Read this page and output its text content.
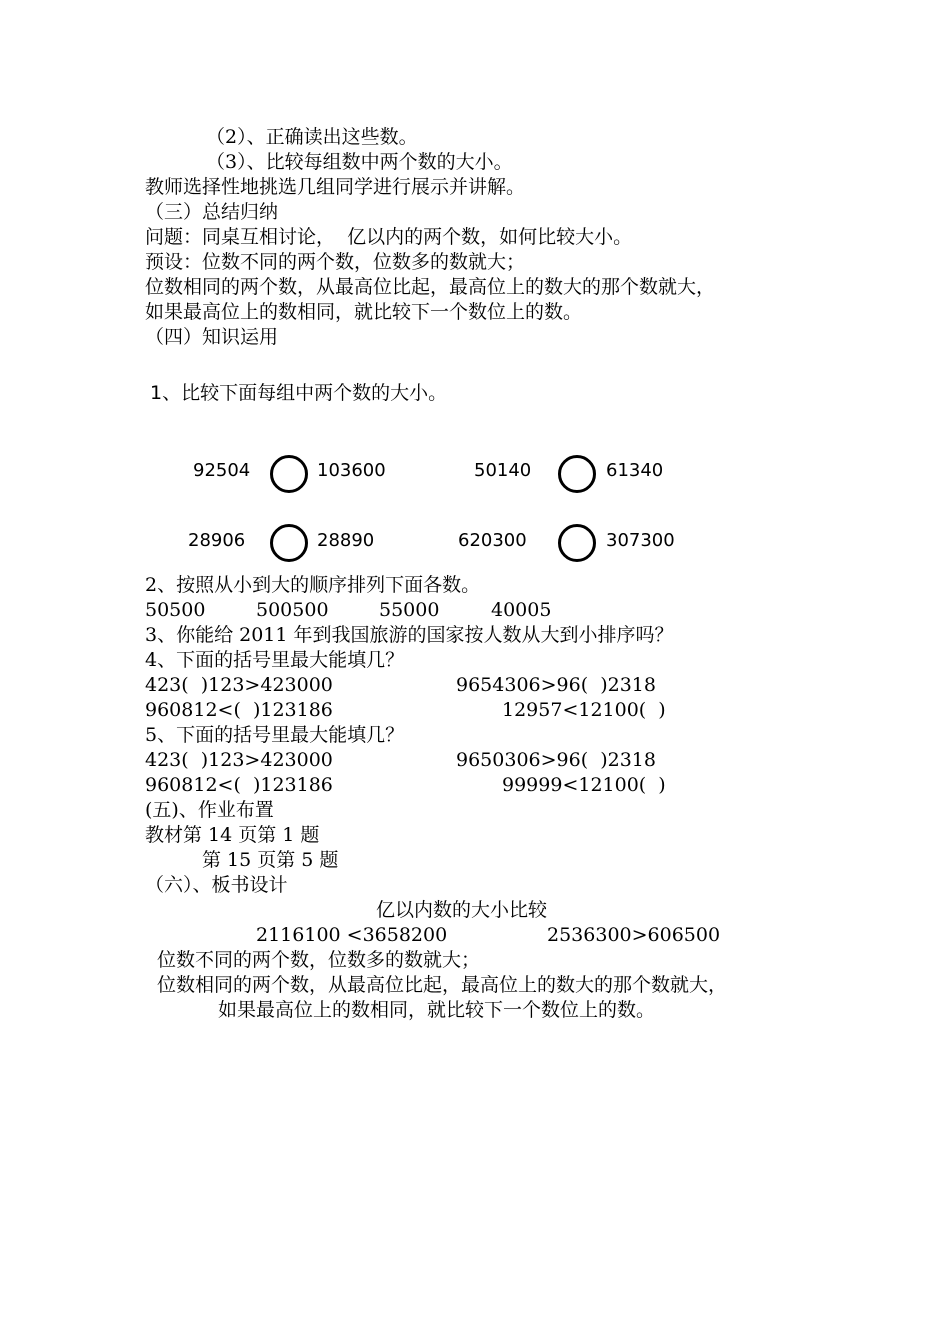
（2）、正确读出这些数。
（3）、比较每组数中两个数的大小。
教师选择性地挑选几组同学进行展示并讲解。
（三）总结归纳
问题：同桌互相讨论，  亿以内的两个数，如何比较大小。
预设：位数不同的两个数，位数多的数就大；
位数相同的两个数，从最高位比起，最高位上的数大的那个数就大，
如果最高位上的数相同，就比较下一个数位上的数。
（四）知识运用
1、比较下面每组中两个数的大小。
92504	103600	50140	61340
28906	28890	620300	307300
2、按照从小到大的顺序排列下面各数。
50500	500500	55000	40005
3、你能给 2011 年到我国旅游的国家按人数从大到小排序吗？
4、下面的括号里最大能填几？
423(  )123>423000	9654306>96(  )2318
960812<(  )123186	12957<12100(  )
5、下面的括号里最大能填几？
423(  )123>423000	9650306>96(  )2318
960812<(  )123186	99999<12100(  )
(五)、作业布置
教材第 14 页第 1 题
第 15 页第 5 题
（六）、板书设计
亿以内数的大小比较
2116100 <3658200	2536300>606500
位数不同的两个数，位数多的数就大；
位数相同的两个数，从最高位比起，最高位上的数大的那个数就大，
如果最高位上的数相同，就比较下一个数位上的数。
